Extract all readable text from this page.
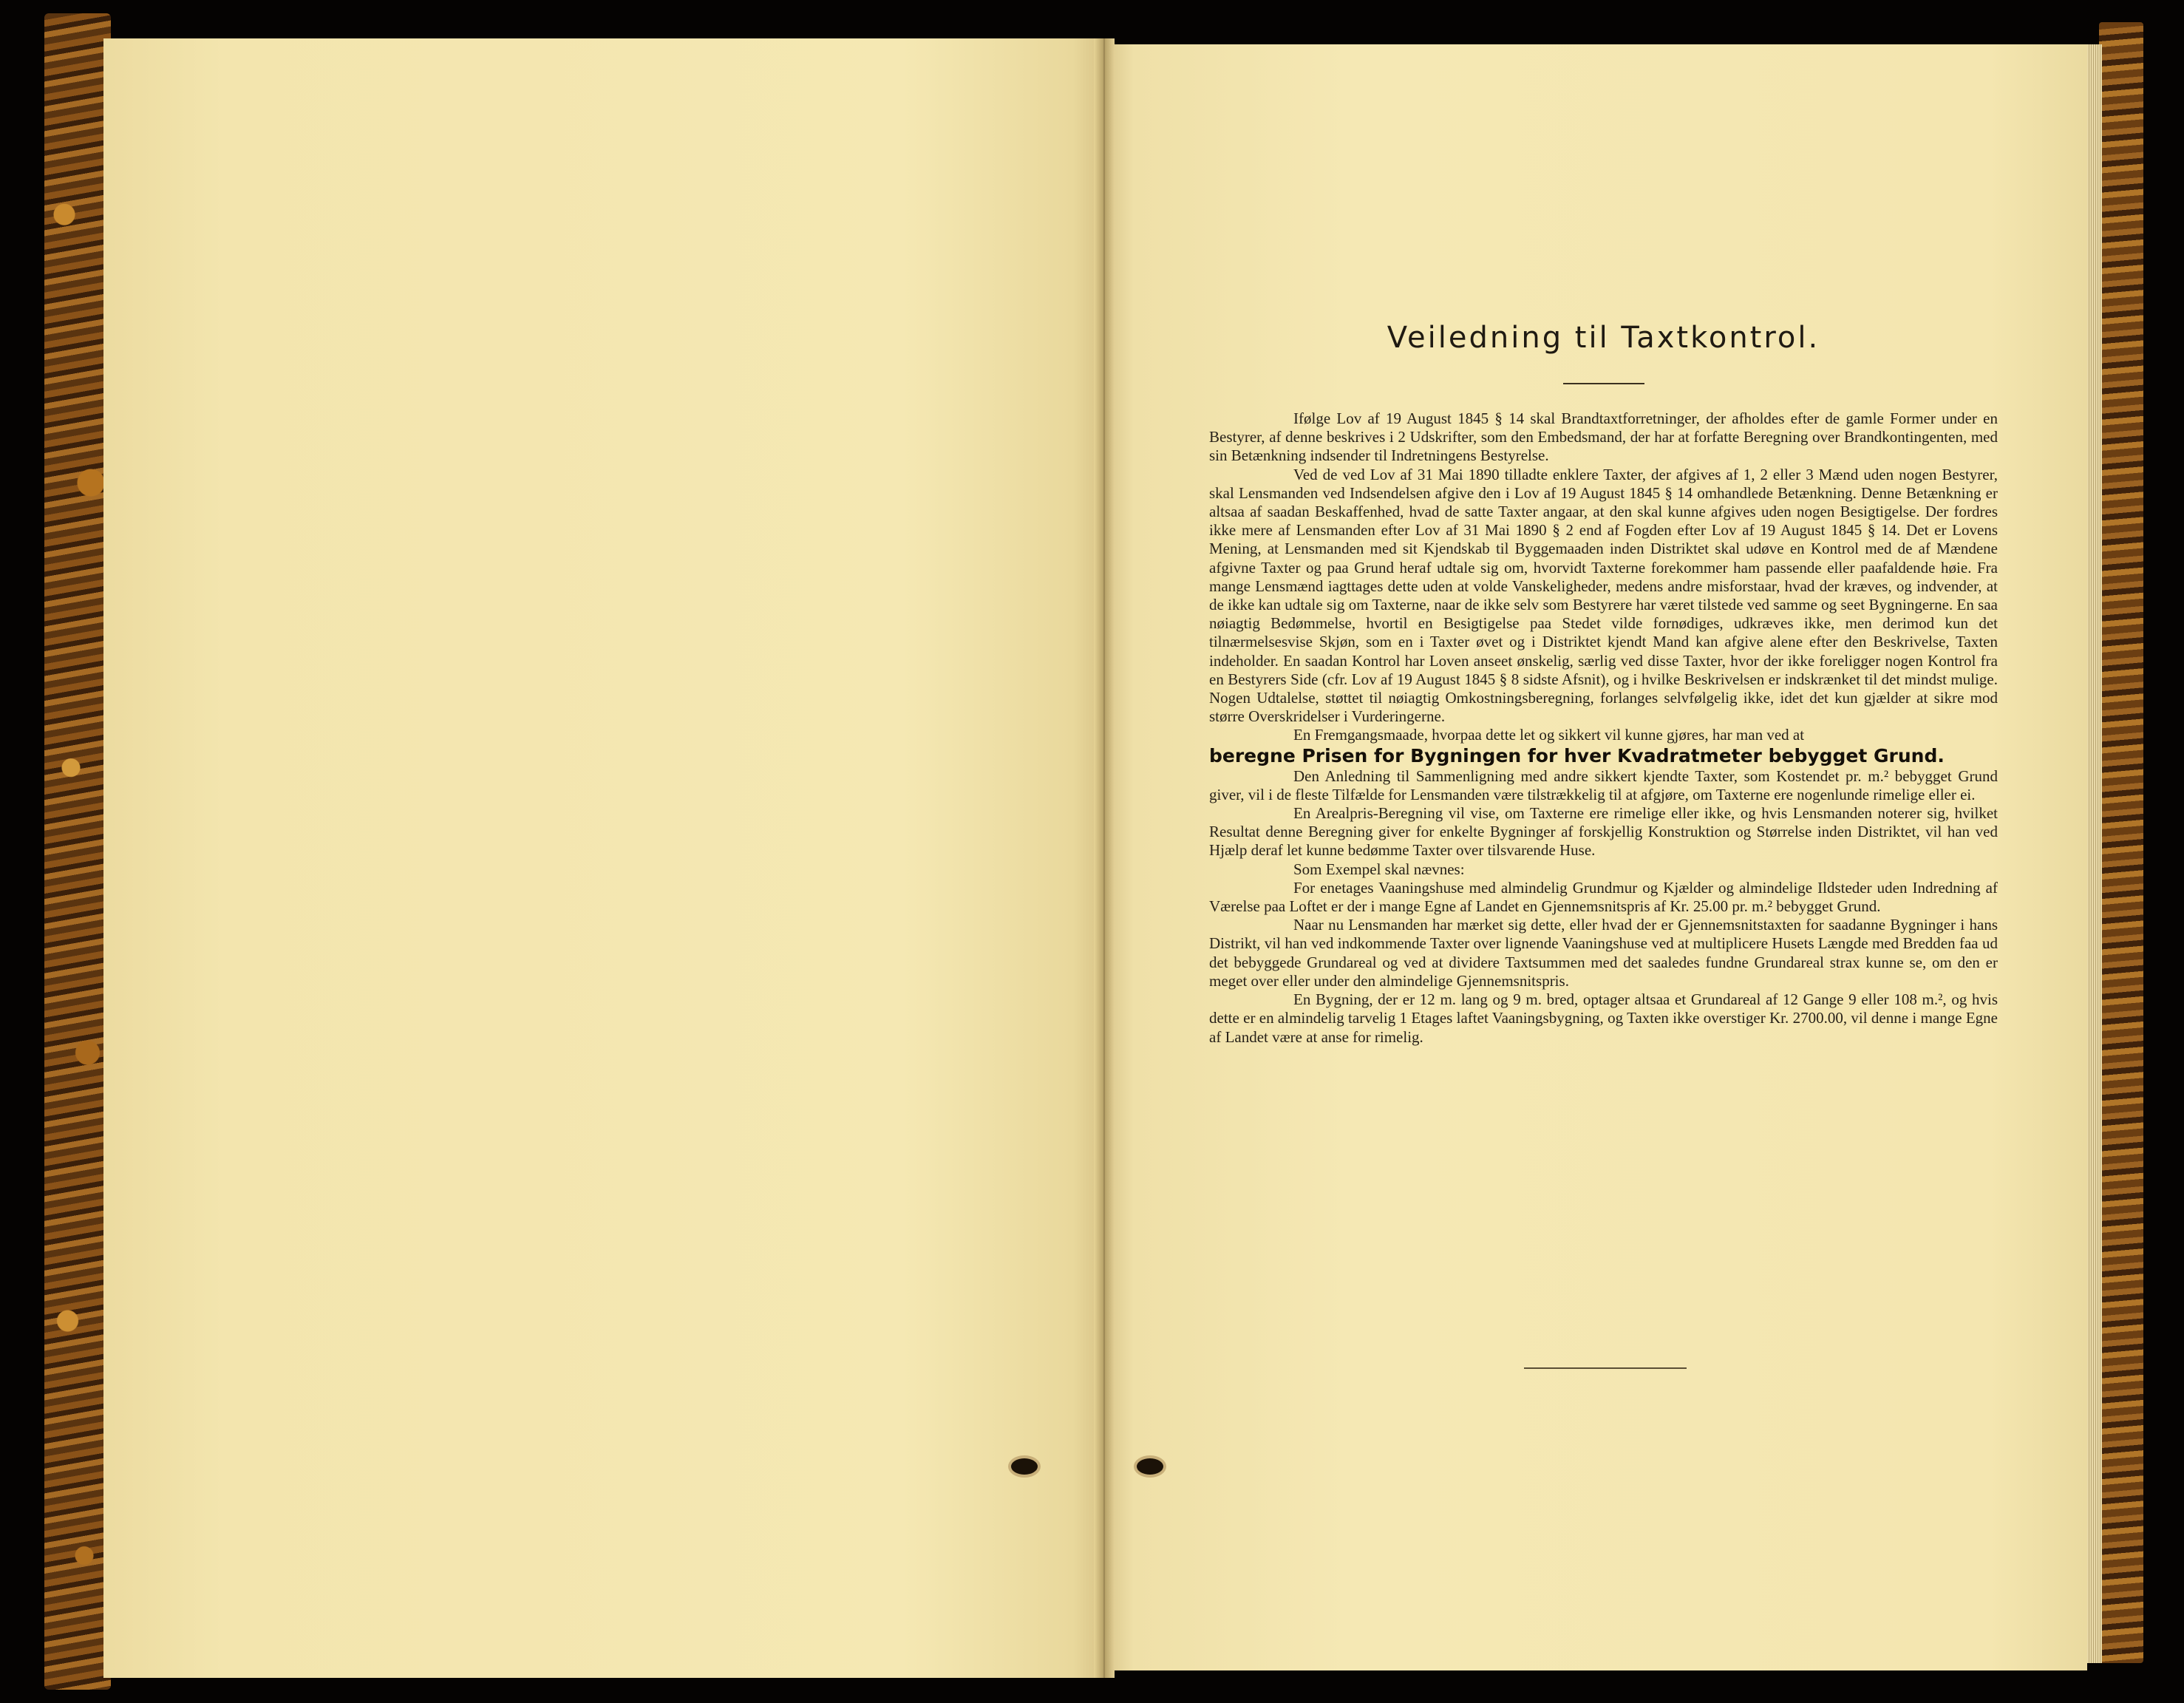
Veiledning til Taxtkontrol.

Ifølge Lov af 19 August 1845 § 14 skal Brandtaxtforretninger, der afholdes efter de gamle Former under en Bestyrer, af denne beskrives i 2 Udskrifter, som den Embedsmand, der har at forfatte Beregning over Brandkontingenten, med sin Betænkning indsender til Indretningens Bestyrelse.

Ved de ved Lov af 31 Mai 1890 tilladte enklere Taxter, der afgives af 1, 2 eller 3 Mænd uden nogen Bestyrer, skal Lensmanden ved Indsendelsen afgive den i Lov af 19 August 1845 § 14 omhandlede Betænkning. Denne Betænkning er altsaa af saadan Beskaffenhed, hvad de satte Taxter angaar, at den skal kunne afgives uden nogen Besigtigelse. Der fordres ikke mere af Lensmanden efter Lov af 31 Mai 1890 § 2 end af Fogden efter Lov af 19 August 1845 § 14. Det er Lovens Mening, at Lensmanden med sit Kjendskab til Byggemaaden inden Distriktet skal udøve en Kontrol med de af Mændene afgivne Taxter og paa Grund heraf udtale sig om, hvorvidt Taxterne forekommer ham passende eller paafaldende høie. Fra mange Lensmænd iagttages dette uden at volde Vanskeligheder, medens andre misforstaar, hvad der kræves, og indvender, at de ikke kan udtale sig om Taxterne, naar de ikke selv som Bestyrere har været tilstede ved samme og seet Bygningerne. En saa nøiagtig Bedømmelse, hvortil en Besigtigelse paa Stedet vilde fornødiges, udkræves ikke, men derimod kun det tilnærmelsesvise Skjøn, som en i Taxter øvet og i Distriktet kjendt Mand kan afgive alene efter den Beskrivelse, Taxten indeholder. En saadan Kontrol har Loven anseet ønskelig, særlig ved disse Taxter, hvor der ikke foreligger nogen Kontrol fra en Bestyrers Side (cfr. Lov af 19 August 1845 § 8 sidste Afsnit), og i hvilke Beskrivelsen er indskrænket til det mindst mulige. Nogen Udtalelse, støttet til nøiagtig Omkostningsberegning, forlanges selvfølgelig ikke, idet det kun gjælder at sikre mod større Overskridelser i Vurderingerne.

En Fremgangsmaade, hvorpaa dette let og sikkert vil kunne gjøres, har man ved at

beregne Prisen for Bygningen for hver Kvadratmeter bebygget Grund.

Den Anledning til Sammenligning med andre sikkert kjendte Taxter, som Kostendet pr. m.² bebygget Grund giver, vil i de fleste Tilfælde for Lensmanden være tilstrækkelig til at afgjøre, om Taxterne ere nogenlunde rimelige eller ei.

En Arealpris-Beregning vil vise, om Taxterne ere rimelige eller ikke, og hvis Lensmanden noterer sig, hvilket Resultat denne Beregning giver for enkelte Bygninger af forskjellig Konstruktion og Størrelse inden Distriktet, vil han ved Hjælp deraf let kunne bedømme Taxter over tilsvarende Huse.

Som Exempel skal nævnes:

For enetages Vaaningshuse med almindelig Grundmur og Kjælder og almindelige Ildsteder uden Indredning af Værelse paa Loftet er der i mange Egne af Landet en Gjennemsnitspris af Kr. 25.00 pr. m.² bebygget Grund.

Naar nu Lensmanden har mærket sig dette, eller hvad der er Gjennemsnitstaxten for saadanne Bygninger i hans Distrikt, vil han ved indkommende Taxter over lignende Vaaningshuse ved at multiplicere Husets Længde med Bredden faa ud det bebyggede Grundareal og ved at dividere Taxtsummen med det saaledes fundne Grundareal strax kunne se, om den er meget over eller under den almindelige Gjennemsnitspris.

En Bygning, der er 12 m. lang og 9 m. bred, optager altsaa et Grundareal af 12 Gange 9 eller 108 m.², og hvis dette er en almindelig tarvelig 1 Etages laftet Vaaningsbygning, og Taxten ikke overstiger Kr. 2700.00, vil denne i mange Egne af Landet være at anse for rimelig.
